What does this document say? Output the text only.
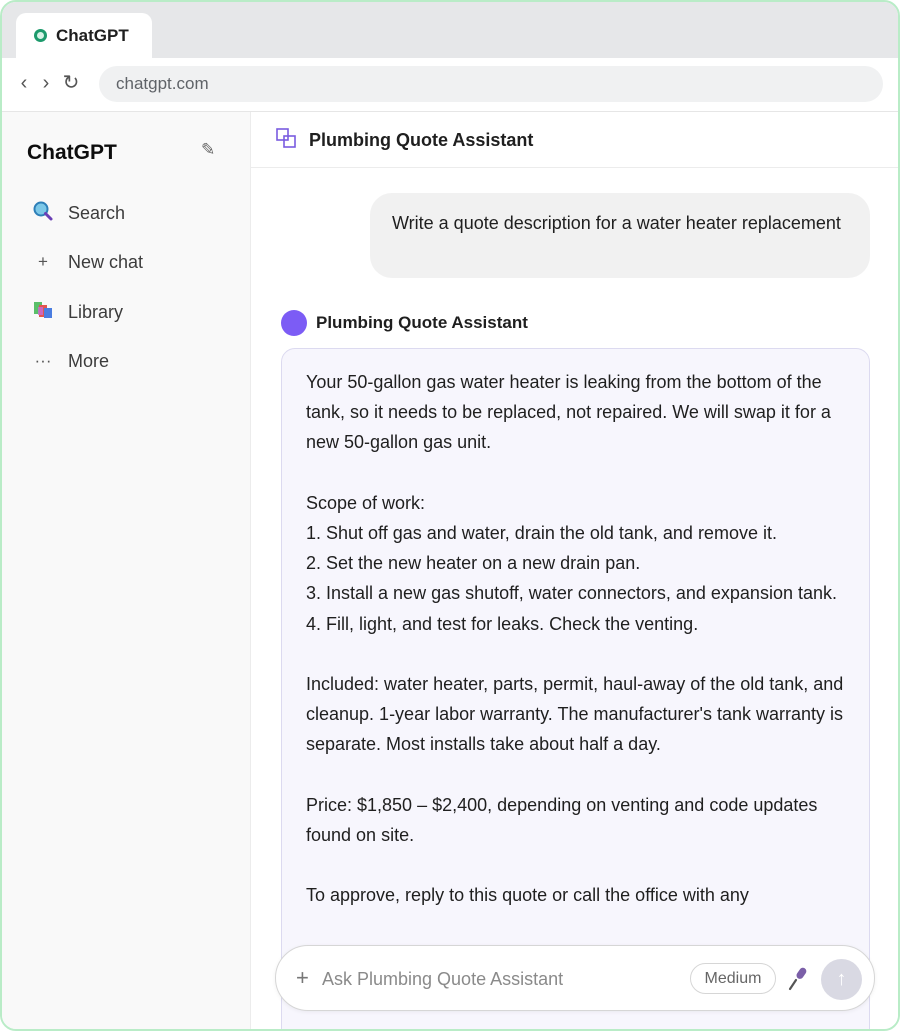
ChatGPT
‹ › ↻	chatgpt.com
ChatGPT	✎
Search
+	New chat
Library
··· More
Plumbing Quote Assistant
Write a quote description for a water heater replacement
Plumbing Quote Assistant

Your 50-gallon gas water heater is leaking from the bottom of the tank, so it needs to be replaced, not repaired. We will swap it for a new 50-gallon gas unit.

Scope of work:

1. Shut off gas and water, drain the old tank, and remove it.

2. Set the new heater on a new drain pan.

3. Install a new gas shutoff, water connectors, and expansion tank.

4. Fill, light, and test for leaks. Check the venting.

Included: water heater, parts, permit, haul-away of the old tank, and cleanup. 1-year labor warranty. The manufacturer's tank warranty is separate. Most installs take about half a day.

Price: $1,850 – $2,400, depending on venting and code updates found on site.

To approve, reply to this quote or call the office with any

+
Ask Plumbing Quote Assistant	Medium	↑
